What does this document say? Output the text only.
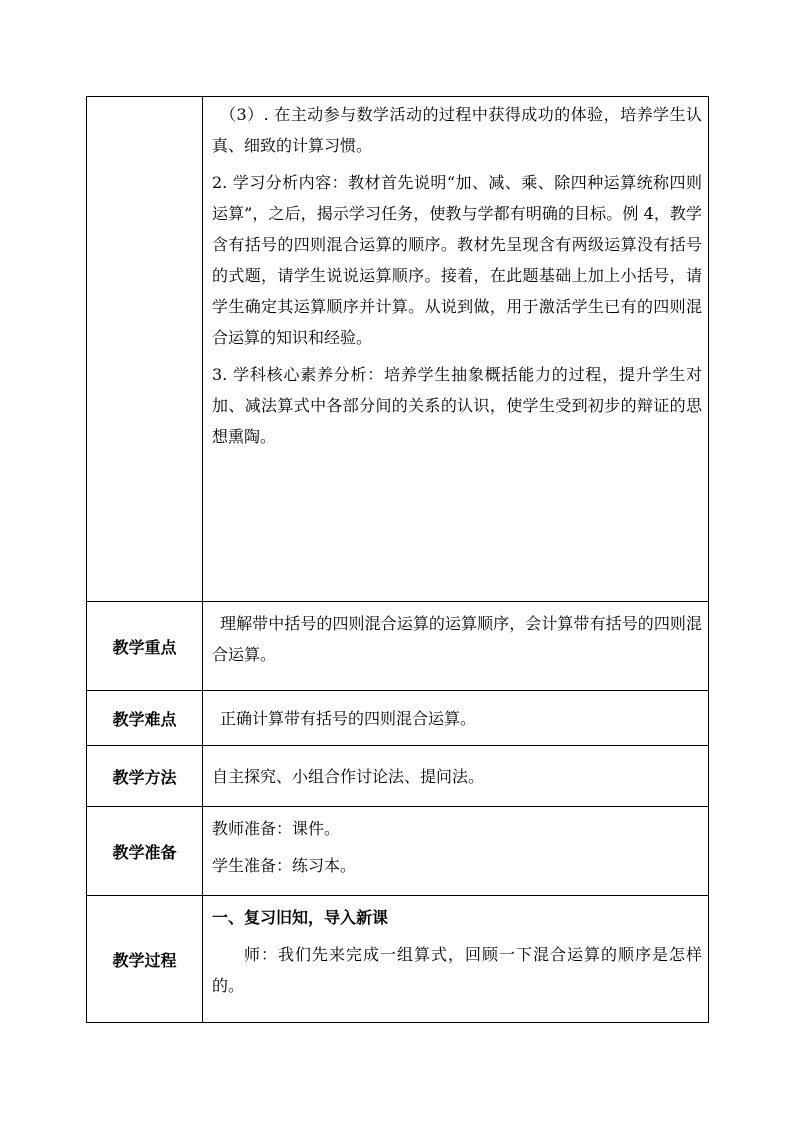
	（3）. 在主动参与数学活动的过程中获得成功的体验，培养学生认真、细致的计算习惯。

2. 学习分析内容：教材首先说明“加、减、乘、除四种运算统称四则运算”，之后，揭示学习任务，使教与学都有明确的目标。例 4，教学含有括号的四则混合运算的顺序。教材先呈现含有两级运算没有括号的式题，请学生说说运算顺序。接着，在此题基础上加上小括号，请学生确定其运算顺序并计算。从说到做，用于激活学生已有的四则混合运算的知识和经验。

3. 学科核心素养分析：培养学生抽象概括能力的过程，提升学生对加、减法算式中各部分间的关系的认识，使学生受到初步的辩证的思想熏陶。

教学重点	理解带中括号的四则混合运算的运算顺序，会计算带有括号的四则混合运算。

教学难点	正确计算带有括号的四则混合运算。

教学方法	自主探究、小组合作讨论法、提问法。

教学准备	教师准备：课件。

学生准备：练习本。

教学过程	一、复习旧知，导入新课

师：我们先来完成一组算式，回顾一下混合运算的顺序是怎样的。
